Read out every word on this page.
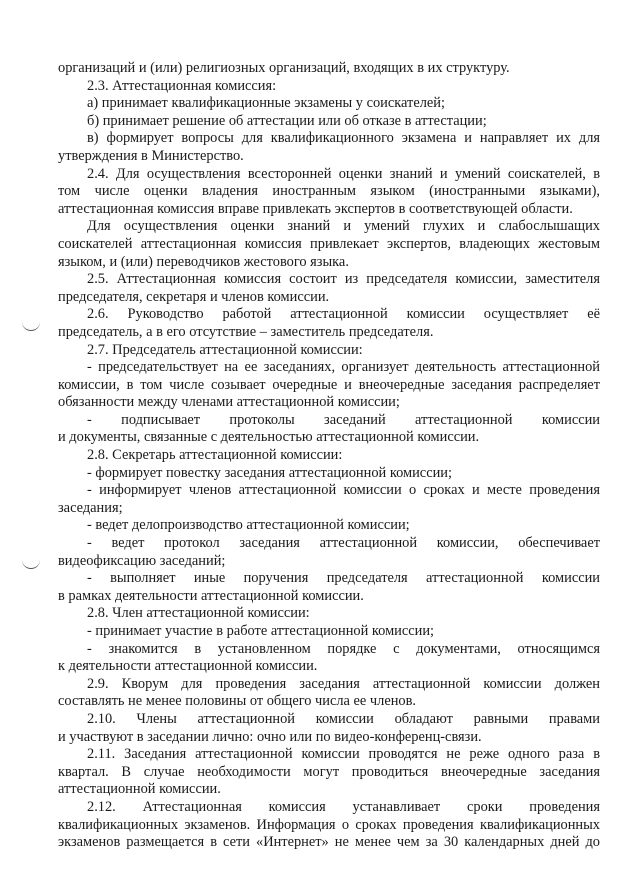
организаций и (или) религиозных организаций, входящих в их структуру.
2.3. Аттестационная комиссия:
а) принимает квалификационные экзамены у соискателей;
б) принимает решение об аттестации или об отказе в аттестации;
в) формирует вопросы для квалификационного экзамена и направляет их для
утверждения в Министерство.
2.4. Для осуществления всесторонней оценки знаний и умений соискателей, в
том числе оценки владения иностранным языком (иностранными языками),
аттестационная комиссия вправе привлекать экспертов в соответствующей области.
Для осуществления оценки знаний и умений глухих и слабослышащих
соискателей аттестационная комиссия привлекает экспертов, владеющих жестовым
языком, и (или) переводчиков жестового языка.
2.5. Аттестационная комиссия состоит из председателя комиссии, заместителя
председателя, секретаря и членов комиссии.
2.6. Руководство работой аттестационной комиссии осуществляет её
председатель, а в его отсутствие – заместитель председателя.
2.7. Председатель аттестационной комиссии:
- председательствует на ее заседаниях, организует деятельность аттестационной
комиссии, в том числе созывает очередные и внеочередные заседания распределяет
обязанности между членами аттестационной комиссии;
- подписывает протоколы заседаний аттестационной комиссии
и документы, связанные с деятельностью аттестационной комиссии.
2.8. Секретарь аттестационной комиссии:
- формирует повестку заседания аттестационной комиссии;
- информирует членов аттестационной комиссии о сроках и месте проведения
заседания;
- ведет делопроизводство аттестационной комиссии;
- ведет протокол заседания аттестационной комиссии, обеспечивает
видеофиксацию заседаний;
- выполняет иные поручения председателя аттестационной комиссии
в рамках деятельности аттестационной комиссии.
2.8. Член аттестационной комиссии:
- принимает участие в работе аттестационной комиссии;
- знакомится в установленном порядке с документами, относящимся
к деятельности аттестационной комиссии.
2.9. Кворум для проведения заседания аттестационной комиссии должен
составлять не менее половины от общего числа ее членов.
2.10. Члены аттестационной комиссии обладают равными правами
и участвуют в заседании лично: очно или по видео-конференц-связи.
2.11. Заседания аттестационной комиссии проводятся не реже одного раза в
квартал. В случае необходимости могут проводиться внеочередные заседания
аттестационной комиссии.
2.12. Аттестационная комиссия устанавливает сроки проведения
квалификационных экзаменов. Информация о сроках проведения квалификационных
экзаменов размещается в сети «Интернет» не менее чем за 30 календарных дней до
